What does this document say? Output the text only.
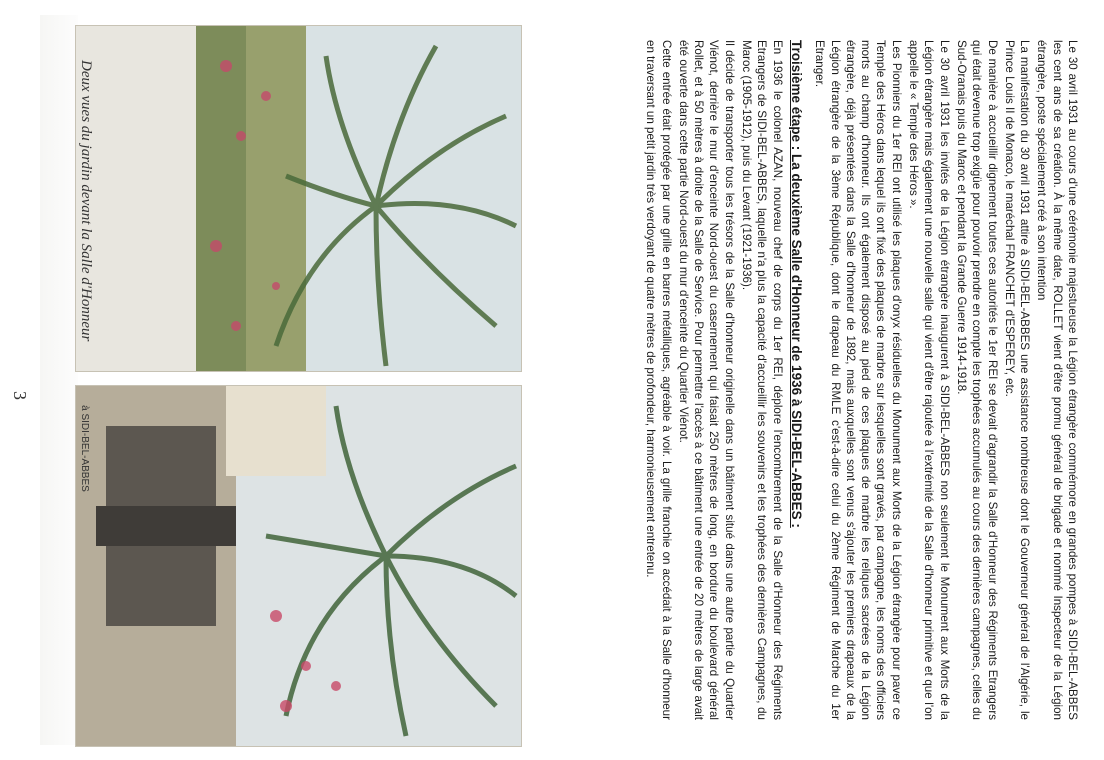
Deux vues du jardin devant la Salle d'Honneur à SIDI-BEL-ABBES
3	Le 30 avril 1931 au cours d'une cérémonie majestueuse la Légion étrangère commémore en grandes pompes à SIDI-BEL-ABBES les cent ans de sa création. À la même date, ROLLET vient d'être promu général de brigade et nommé Inspecteur de la Légion étrangère, poste spécialement créé à son intention

La manifestation du 30 avril 1931 attire à SIDI-BEL-ABBES une assistance nombreuse dont le Gouverneur général de l'Algérie, le Prince Louis II de Monaco, le maréchal FRANCHET d'ESPEREY, etc.

De manière à accueillir dignement toutes ces autorités le 1er REI se devait d'agrandir la Salle d'Honneur des Régiments Etrangers qui était devenue trop exigüe pour pouvoir prendre en compte les trophées accumulés au cours des dernières campagnes, celles du Sud-Oranais puis du Maroc et pendant la Grande Guerre 1914-1918.

Le 30 avril 1931 les invités de la Légion étrangère inaugurent à SIDI-BEL-ABBES non seulement le Monument aux Morts de la Légion étrangère mais également une nouvelle salle qui vient d'être rajoutée à l'extrémité de la Salle d'honneur primitive et que l'on appelle le « Temple des Héros ».

Les Pionniers du 1er REI ont utilisé les plaques d'onyx résiduelles du Monument aux Morts de la Légion étrangère pour paver ce Temple des Héros dans lequel ils ont fixé des plaques de marbre sur lesquelles sont gravés, par campagne, les noms des officiers morts au champ d'honneur. Ils ont également disposé au pied de ces plaques de marbre les reliques sacrées de la Légion étrangère, déjà présentées dans la Salle d'honneur de 1892, mais auxquelles sont venus s'ajouter les premiers drapeaux de la Légion étrangère de la 3ème République, dont le drapeau du RMLE c'est-à-dire celui du 2ème Régiment de Marche du 1er Etranger.

Troisième étape : La deuxième Salle d'Honneur de 1936 à SIDI-BEL-ABBES :

En 1936 le colonel AZAN, nouveau chef de corps du 1er REI, déplore l'encombrement de la Salle d'Honneur des Régiments Etrangers de SIDI-BEL-ABBES, laquelle n'a plus la capacité d'accueillir les souvenirs et les trophées des dernières Campagnes, du Maroc (1905-1912), puis du Levant (1921-1936).

Il décide de transporter tous les trésors de la Salle d'honneur originelle dans un bâtiment situé dans une autre partie du Quartier Viénot, derrière le mur d'enceinte Nord-ouest du casernement qui faisait 250 mètres de long, en bordure du boulevard général Rollet, et à 50 mètres à droite de la Salle de Service. Pour permettre l'accès à ce bâtiment une entrée de 20 mètres de large avait été ouverte dans cette partie Nord-ouest du mur d'enceinte du Quartier Viénot.

Cette entrée était protégée par une grille en barres métalliques, agréable à voir. La grille franchie on accédait à la Salle d'honneur en traversant un petit jardin très verdoyant de quatre mètres de profondeur, harmonieusement entretenu.
